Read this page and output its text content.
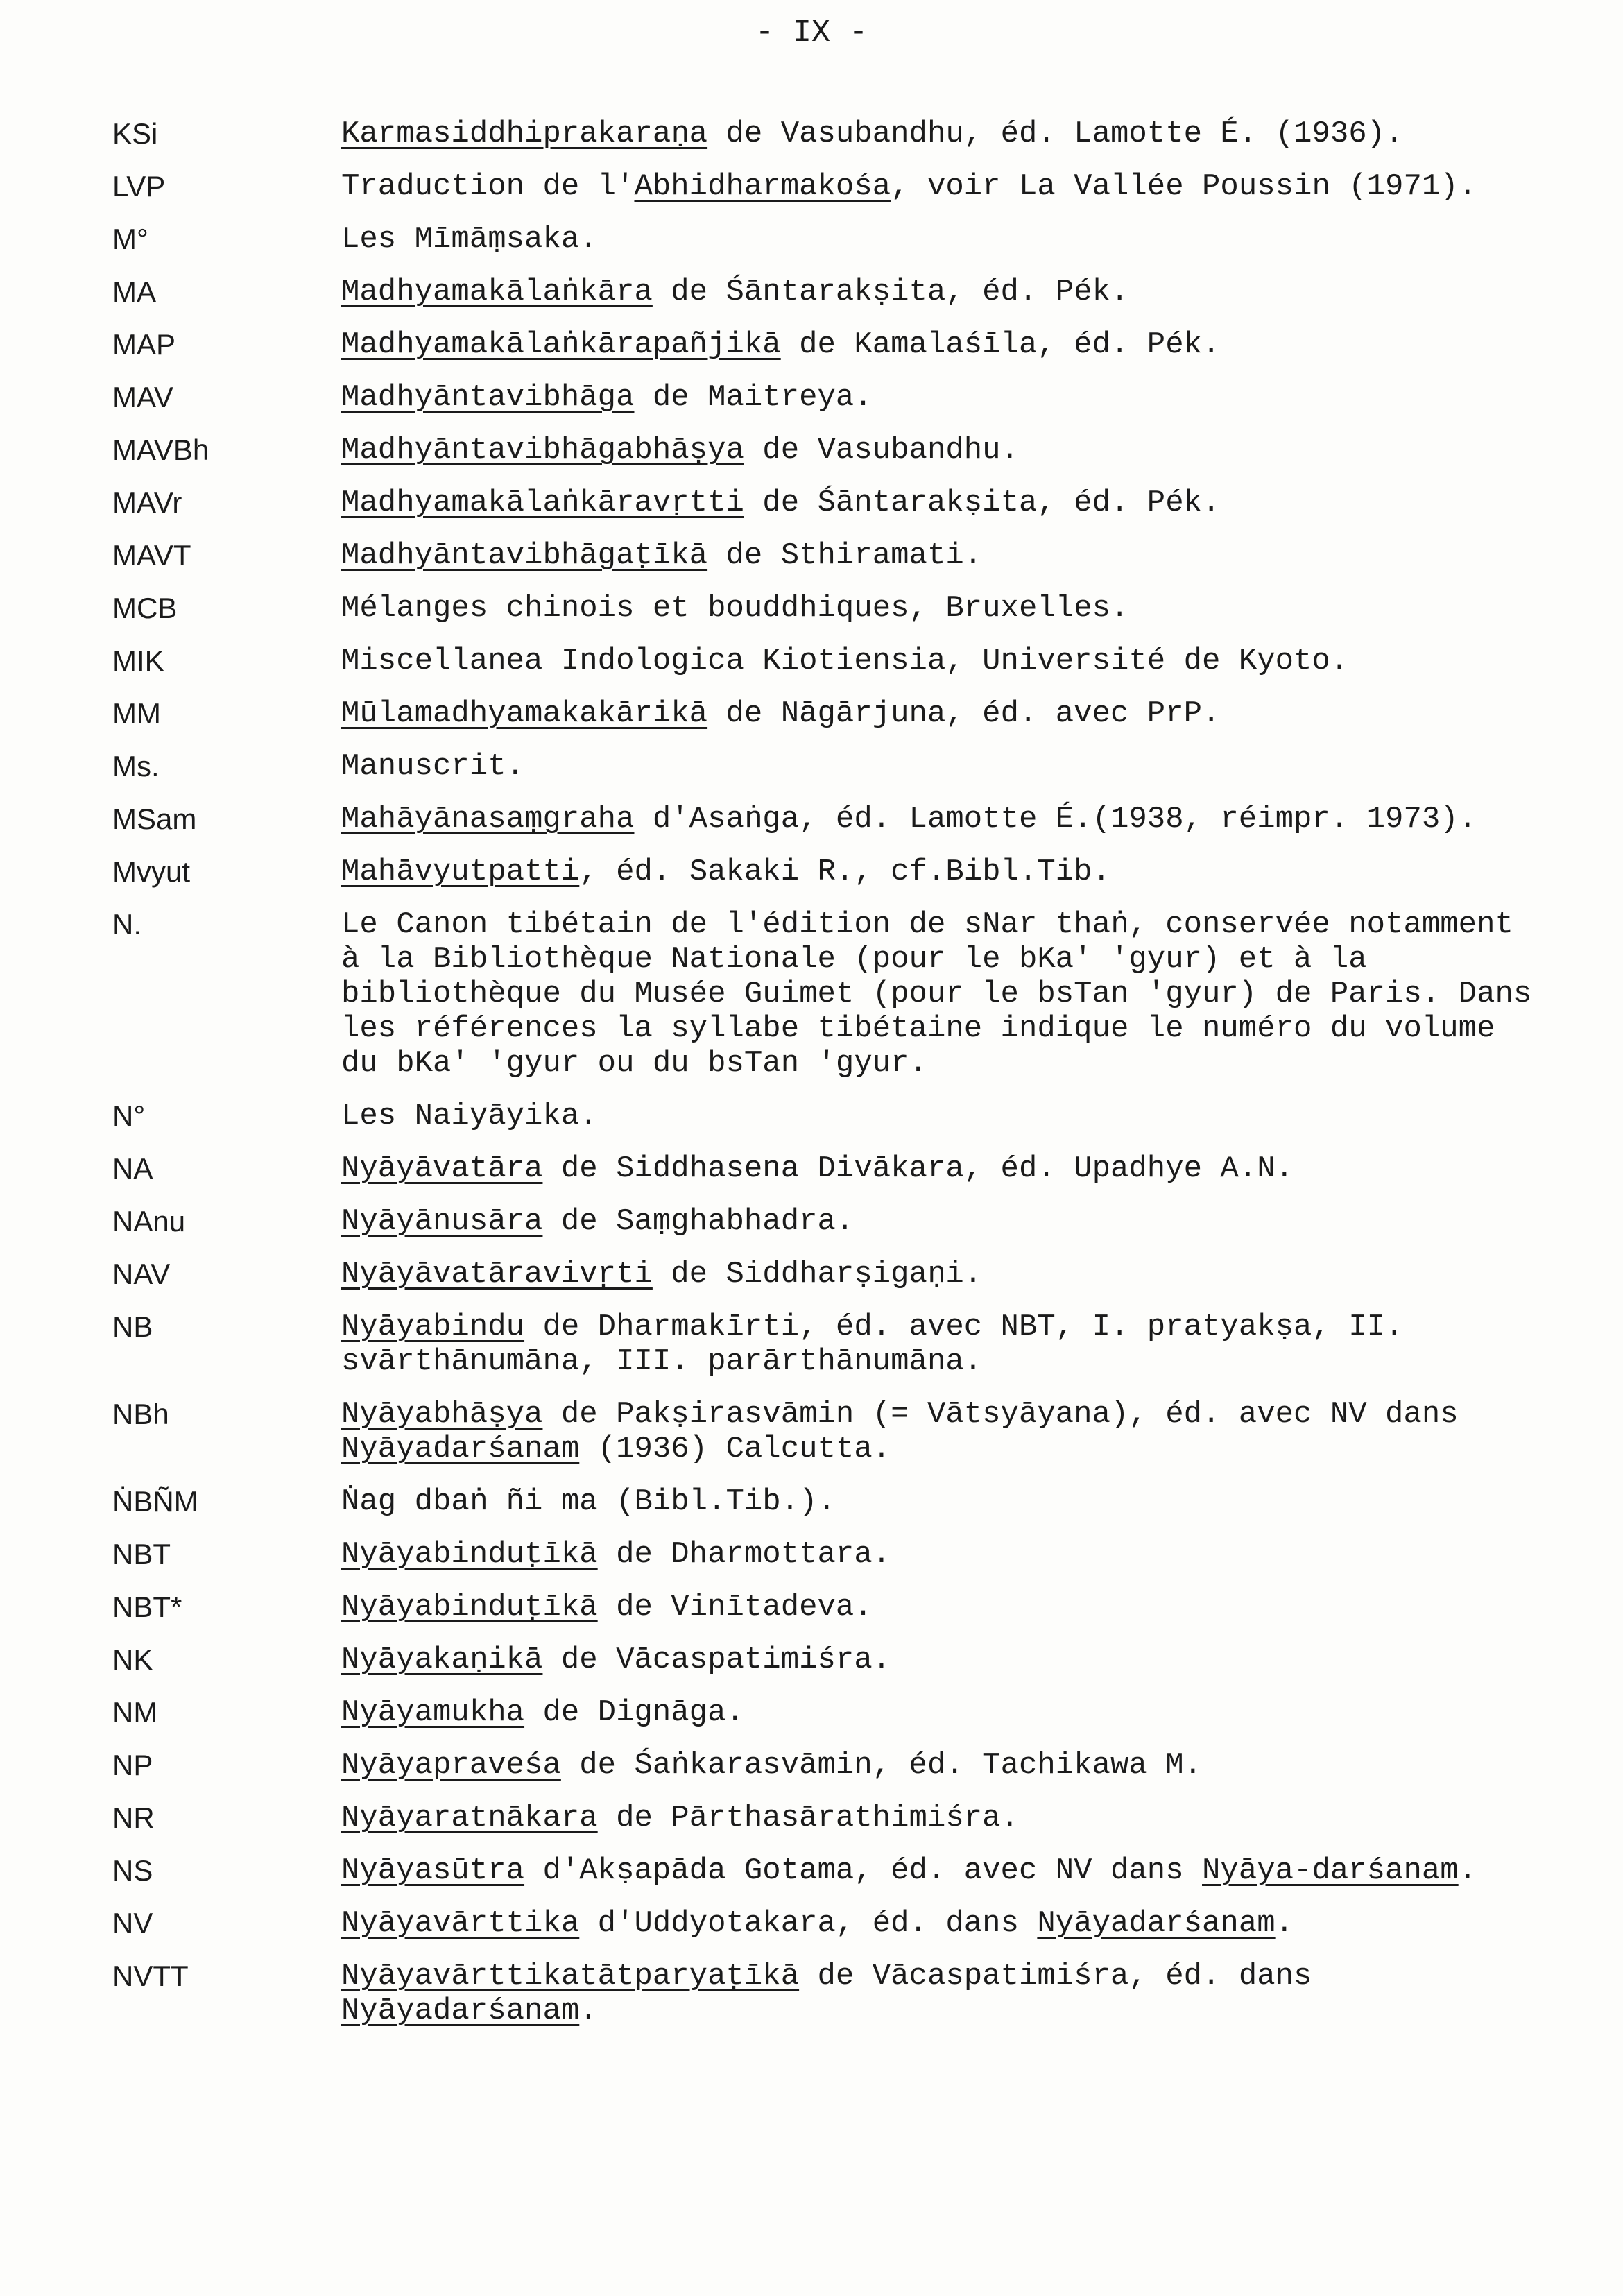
- IX -
KSi	Karmasiddhiprakaraṇa de Vasubandhu, éd. Lamotte É. (1936).
LVP	Traduction de l'Abhidharmakośa, voir La Vallée Poussin (1971).
M°	Les Mīmāṃsaka.
MA	Madhyamakālaṅkāra de Śāntarakṣita, éd. Pék.
MAP	Madhyamakālaṅkārapañjikā de Kamalaśīla, éd. Pék.
MAV	Madhyāntavibhāga de Maitreya.
MAVBh	Madhyāntavibhāgabhāṣya de Vasubandhu.
MAVr	Madhyamakālaṅkāravṛtti de Śāntarakṣita, éd. Pék.
MAVT	Madhyāntavibhāgaṭīkā de Sthiramati.
MCB	Mélanges chinois et bouddhiques, Bruxelles.
MIK	Miscellanea Indologica Kiotiensia, Université de Kyoto.
MM	Mūlamadhyamakakārikā de Nāgārjuna, éd. avec PrP.
Ms.	Manuscrit.
MSam	Mahāyānasaṃgraha d'Asaṅga, éd. Lamotte É.(1938, réimpr. 1973).
Mvyut	Mahāvyutpatti, éd. Sakaki R., cf.Bibl.Tib.
N.	Le Canon tibétain de l'édition de sNar thaṅ, conservée notamment à la Bibliothèque Nationale (pour le bKa' 'gyur) et à la bibliothèque du Musée Guimet (pour le bsTan 'gyur) de Paris. Dans les références la syllabe tibétaine indique le numéro du volume du bKa' 'gyur ou du bsTan 'gyur.
N°	Les Naiyāyika.
NA	Nyāyāvatāra de Siddhasena Divākara, éd. Upadhye A.N.
NAnu	Nyāyānusāra de Saṃghabhadra.
NAV	Nyāyāvatāravivṛti de Siddharṣigaṇi.
NB	Nyāyabindu de Dharmakīrti, éd. avec NBT, I. pratyakṣa, II. svārthānumāna, III. parārthānumāna.
NBh	Nyāyabhāṣya de Pakṣirasvāmin (= Vātsyāyana), éd. avec NV dans Nyāyadarśanam (1936) Calcutta.
ṄBÑM	Ṅag dbaṅ ñi ma (Bibl.Tib.).
NBT	Nyāyabinduṭīkā de Dharmottara.
NBT*	Nyāyabinduṭīkā de Vinītadeva.
NK	Nyāyakaṇikā de Vācaspatimiśra.
NM	Nyāyamukha de Dignāga.
NP	Nyāyapraveśa de Śaṅkarasvāmin, éd. Tachikawa M.
NR	Nyāyaratnākara de Pārthasārathimiśra.
NS	Nyāyasūtra d'Akṣapāda Gotama, éd. avec NV dans Nyāya-darśanam.
NV	Nyāyavārttika d'Uddyotakara, éd. dans Nyāyadarśanam.
NVTT	Nyāyavārttikatātparyaṭīkā de Vācaspatimiśra, éd. dans Nyāyadarśanam.
